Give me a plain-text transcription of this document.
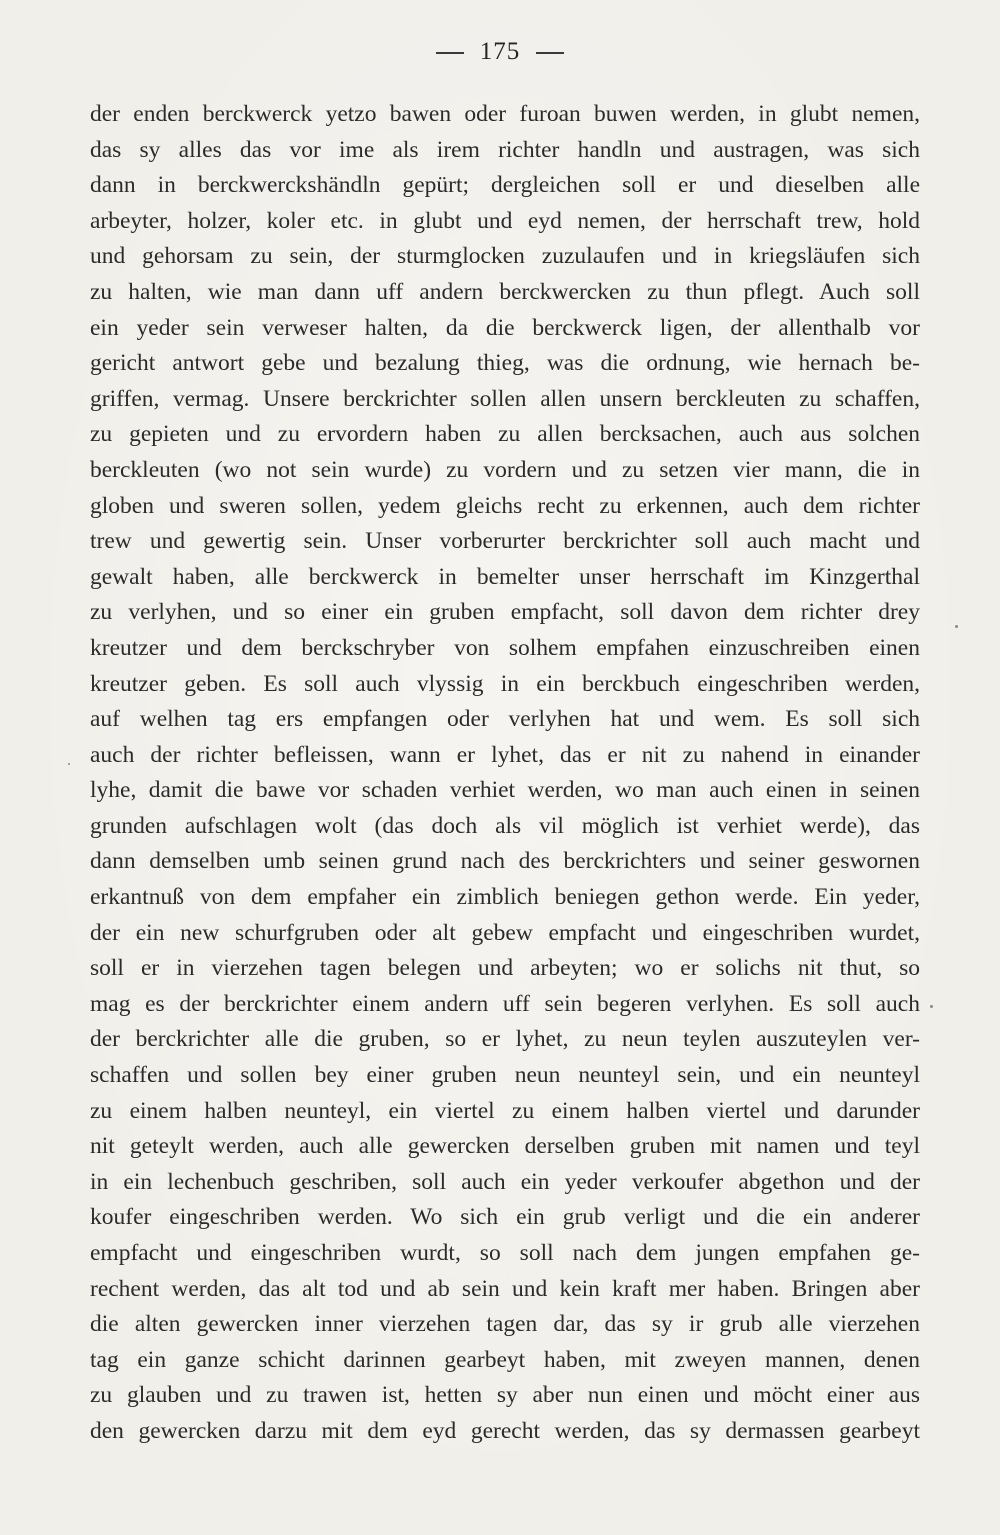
175
der enden berckwerck yetzo bawen oder furoan buwen werden, in glubt nemen,
das sy alles das vor ime als irem richter handln und austragen, was sich
dann in berckwerckshändln gepürt; dergleichen soll er und dieselben alle
arbeyter, holzer, koler etc. in glubt und eyd nemen, der herrschaft trew, hold
und gehorsam zu sein, der sturmglocken zuzulaufen und in kriegsläufen sich
zu halten, wie man dann uff andern berckwercken zu thun pflegt. Auch soll
ein yeder sein verweser halten, da die berckwerck ligen, der allenthalb vor
gericht antwort gebe und bezalung thieg, was die ordnung, wie hernach be-
griffen, vermag. Unsere berckrichter sollen allen unsern berckleuten zu schaffen,
zu gepieten und zu ervordern haben zu allen bercksachen, auch aus solchen
berckleuten (wo not sein wurde) zu vordern und zu setzen vier mann, die in
globen und sweren sollen, yedem gleichs recht zu erkennen, auch dem richter
trew und gewertig sein. Unser vorberurter berckrichter soll auch macht und
gewalt haben, alle berckwerck in bemelter unser herrschaft im Kinzgerthal
zu verlyhen, und so einer ein gruben empfacht, soll davon dem richter drey
kreutzer und dem berckschryber von solhem empfahen einzuschreiben einen
kreutzer geben. Es soll auch vlyssig in ein berckbuch eingeschriben werden,
auf welhen tag ers empfangen oder verlyhen hat und wem. Es soll sich
auch der richter befleissen, wann er lyhet, das er nit zu nahend in einander
lyhe, damit die bawe vor schaden verhiet werden, wo man auch einen in seinen
grunden aufschlagen wolt (das doch als vil möglich ist verhiet werde), das
dann demselben umb seinen grund nach des berckrichters und seiner geswornen
erkantnuß von dem empfaher ein zimblich beniegen gethon werde. Ein yeder,
der ein new schurfgruben oder alt gebew empfacht und eingeschriben wurdet,
soll er in vierzehen tagen belegen und arbeyten; wo er solichs nit thut, so
mag es der berckrichter einem andern uff sein begeren verlyhen. Es soll auch
der berckrichter alle die gruben, so er lyhet, zu neun teylen auszuteylen ver-
schaffen und sollen bey einer gruben neun neunteyl sein, und ein neunteyl
zu einem halben neunteyl, ein viertel zu einem halben viertel und darunder
nit geteylt werden, auch alle gewercken derselben gruben mit namen und teyl
in ein lechenbuch geschriben, soll auch ein yeder verkoufer abgethon und der
koufer eingeschriben werden. Wo sich ein grub verligt und die ein anderer
empfacht und eingeschriben wurdt, so soll nach dem jungen empfahen ge-
rechent werden, das alt tod und ab sein und kein kraft mer haben. Bringen aber
die alten gewercken inner vierzehen tagen dar, das sy ir grub alle vierzehen
tag ein ganze schicht darinnen gearbeyt haben, mit zweyen mannen, denen
zu glauben und zu trawen ist, hetten sy aber nun einen und möcht einer aus
den gewercken darzu mit dem eyd gerecht werden, das sy dermassen gearbeyt
